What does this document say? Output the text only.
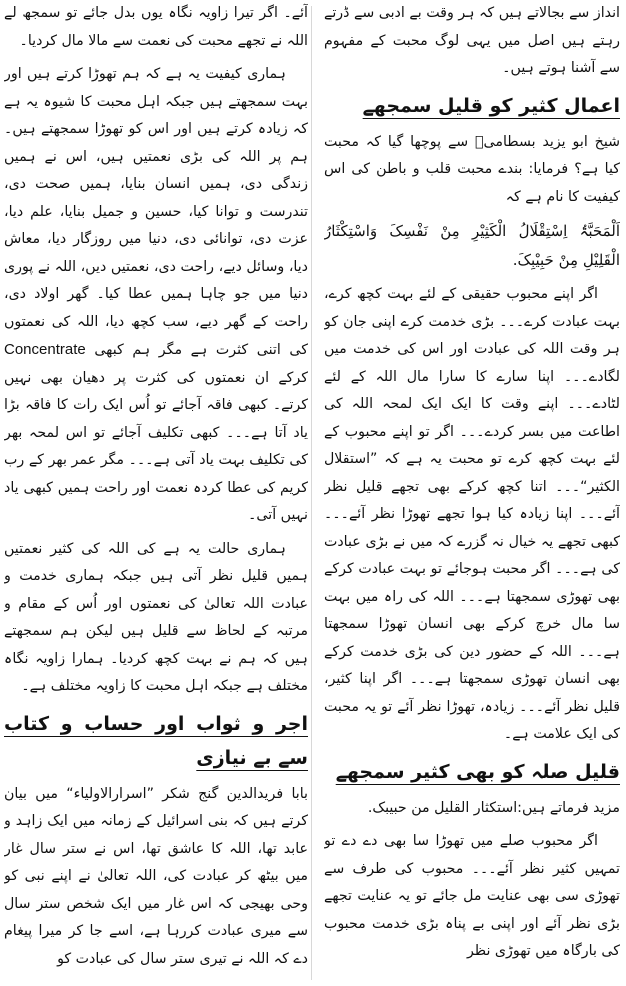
انداز سے بجالاتے ہیں کہ ہر وقت بے ادبی سے ڈرتے رہتے ہیں اصل میں یہی لوگ محبت کے مفہوم سے آشنا ہوتے ہیں۔

اعمال کثیر کو قلیل سمجھے

شیخ ابو یزید بسطامیؒ سے پوچھا گیا کہ محبت کیا ہے؟ فرمایا: بندے محبت قلب و باطن کی اس کیفیت کا نام ہے کہ

اَلْمَحَبَّۃُ اِسْتِقْلَالُ الْکَثِیْرِ مِنْ نَفْسِکَ وَاسْتِکْثَارُ الْقَلِیْلِ مِنْ حَبِیْبِکَ.

اگر اپنے محبوب حقیقی کے لئے بہت کچھ کرے، بہت عبادت کرے۔۔۔ بڑی خدمت کرے اپنی جان کو ہر وقت اللہ کی عبادت اور اس کی خدمت میں لگادے۔۔۔ اپنا سارے کا سارا مال اللہ کے لئے لٹادے۔۔۔ اپنے وقت کا ایک ایک لمحہ اللہ کی اطاعت میں بسر کردے۔۔۔ اگر تو اپنے محبوب کے لئے بہت کچھ کرے تو محبت یہ ہے کہ ”استقلال الکثیر“۔۔۔ اتنا کچھ کرکے بھی تجھے قلیل نظر آئے۔۔۔ اپنا زیادہ کیا ہوا تجھے تھوڑا نظر آئے۔۔۔ کبھی تجھے یہ خیال نہ گزرے کہ میں نے بڑی عبادت کی ہے۔۔۔ اگر محبت ہوجائے تو بہت عبادت کرکے بھی تھوڑی سمجھتا ہے۔۔۔ اللہ کی راہ میں بہت سا مال خرچ کرکے بھی انسان تھوڑا سمجھتا ہے۔۔۔ اللہ کے حضور دین کی بڑی خدمت کرکے بھی انسان تھوڑی سمجھتا ہے۔۔۔ اگر اپنا کثیر، قلیل نظر آئے۔۔۔ زیادہ، تھوڑا نظر آئے تو یہ محبت کی ایک علامت ہے۔

قلیل صلہ کو بھی کثیر سمجھے

مزید فرماتے ہیں:استکثار القلیل من حبیبک.

اگر محبوب صلے میں تھوڑا سا بھی دے دے تو تمہیں کثیر نظر آئے۔۔۔ محبوب کی طرف سے تھوڑی سی بھی عنایت مل جائے تو یہ عنایت تجھے بڑی نظر آئے اور اپنی بے پناہ بڑی خدمت محبوب کی بارگاہ میں تھوڑی نظر

آئے۔ اگر تیرا زاویہ نگاہ یوں بدل جائے تو سمجھ لے اللہ نے تجھے محبت کی نعمت سے مالا مال کردیا۔

ہماری کیفیت یہ ہے کہ ہم تھوڑا کرتے ہیں اور بہت سمجھتے ہیں جبکہ اہل محبت کا شیوہ یہ ہے کہ زیادہ کرتے ہیں اور اس کو تھوڑا سمجھتے ہیں۔ ہم پر اللہ کی بڑی نعمتیں ہیں، اس نے ہمیں زندگی دی، ہمیں انسان بنایا، ہمیں صحت دی، تندرست و توانا کیا، حسین و جمیل بنایا، علم دیا، عزت دی، توانائی دی، دنیا میں روزگار دیا، معاش دیا، وسائل دیے، راحت دی، نعمتیں دیں، اللہ نے پوری دنیا میں جو چاہا ہمیں عطا کیا۔ گھر اولاد دی، راحت کے گھر دیے، سب کچھ دیا، اللہ کی نعمتوں کی اتنی کثرت ہے مگر ہم کبھی Concentrate کرکے ان نعمتوں کی کثرت پر دھیان بھی نہیں کرتے۔ کبھی فاقہ آجائے تو اُس ایک رات کا فاقہ بڑا یاد آتا ہے۔۔۔ کبھی تکلیف آجائے تو اس لمحہ بھر کی تکلیف بہت یاد آتی ہے۔۔۔ مگر عمر بھر کے رب کریم کی عطا کردہ نعمت اور راحت ہمیں کبھی یاد نہیں آتی۔

ہماری حالت یہ ہے کی اللہ کی کثیر نعمتیں ہمیں قلیل نظر آتی ہیں جبکہ ہماری خدمت و عبادت اللہ تعالیٰ کی نعمتوں اور اُس کے مقام و مرتبہ کے لحاظ سے قلیل ہیں لیکن ہم سمجھتے ہیں کہ ہم نے بہت کچھ کردیا۔ ہمارا زاویہ نگاہ مختلف ہے جبکہ اہل محبت کا زاویہ مختلف ہے۔

اجر و ثواب اور حساب و کتاب سے بے نیازی

بابا فریدالدین گنج شکر ”اسرارالاولیاء“ میں بیان کرتے ہیں کہ بنی اسرائیل کے زمانہ میں ایک زاہد و عابد تھا، اللہ کا عاشق تھا، اس نے ستر سال غار میں بیٹھ کر عبادت کی، اللہ تعالیٰ نے اپنے نبی کو وحی بھیجی کہ اس غار میں ایک شخص ستر سال سے میری عبادت کررہا ہے، اسے جا کر میرا پیغام دے کہ اللہ نے تیری ستر سال کی عبادت کو
